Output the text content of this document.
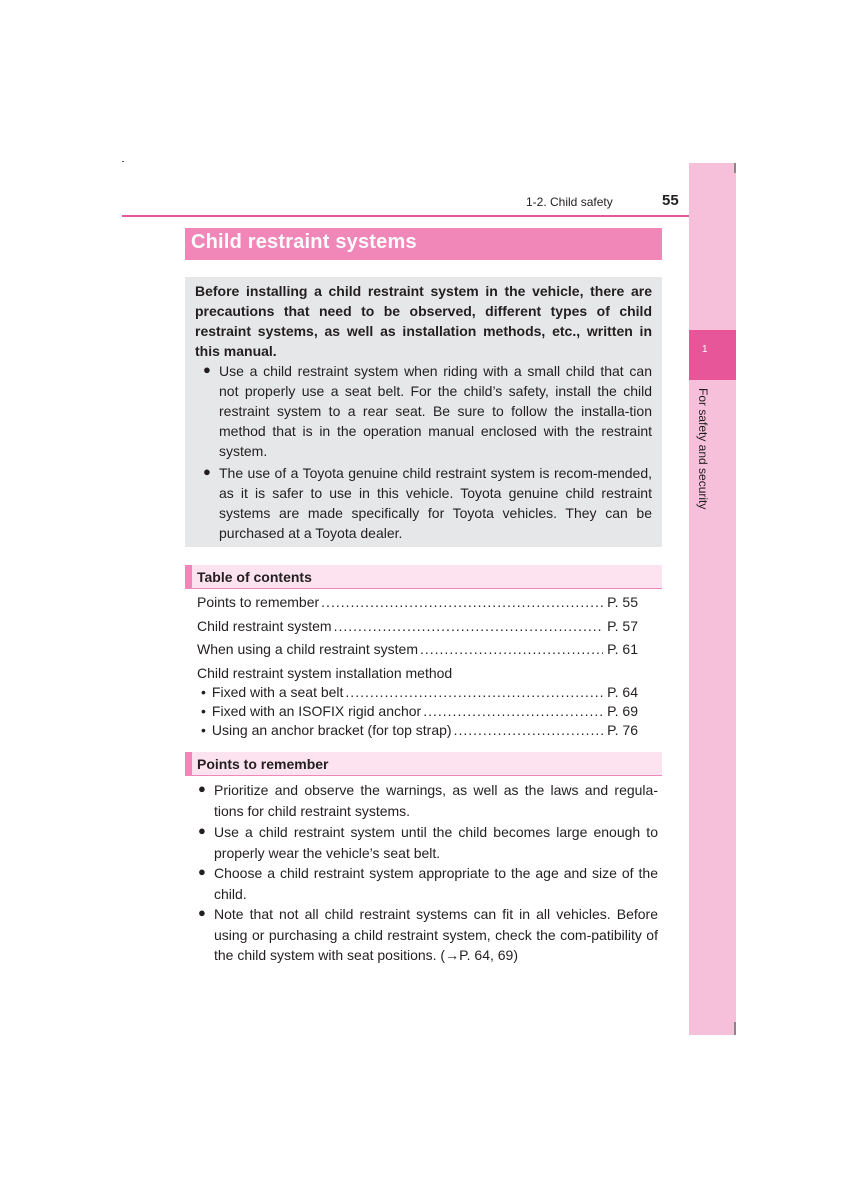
1-2. Child safety	55
1
For safety and security
Child restraint systems
Before installing a child restraint system in the vehicle, there are precautions that need to be observed, different types of child restraint systems, as well as installation methods, etc., written in this manual.
● Use a child restraint system when riding with a small child that can not properly use a seat belt. For the child’s safety, install the child restraint system to a rear seat. Be sure to follow the installa-tion method that is in the operation manual enclosed with the restraint system.
● The use of a Toyota genuine child restraint system is recom-mended, as it is safer to use in this vehicle. Toyota genuine child restraint systems are made specifically for Toyota vehicles. They can be purchased at a Toyota dealer.
Table of contents
Points to remember .....	P. 55
Child restraint system .....	P. 57
When using a child restraint system .....	P. 61
Child restraint system installation method
• Fixed with a seat belt .....	P. 64
• Fixed with an ISOFIX rigid anchor .....	P. 69
• Using an anchor bracket (for top strap) .....	P. 76
Points to remember
● Prioritize and observe the warnings, as well as the laws and regula-tions for child restraint systems.
● Use a child restraint system until the child becomes large enough to properly wear the vehicle’s seat belt.
● Choose a child restraint system appropriate to the age and size of the child.
● Note that not all child restraint systems can fit in all vehicles. Before using or purchasing a child restraint system, check the com-patibility of the child system with seat positions. (→P. 64, 69)
